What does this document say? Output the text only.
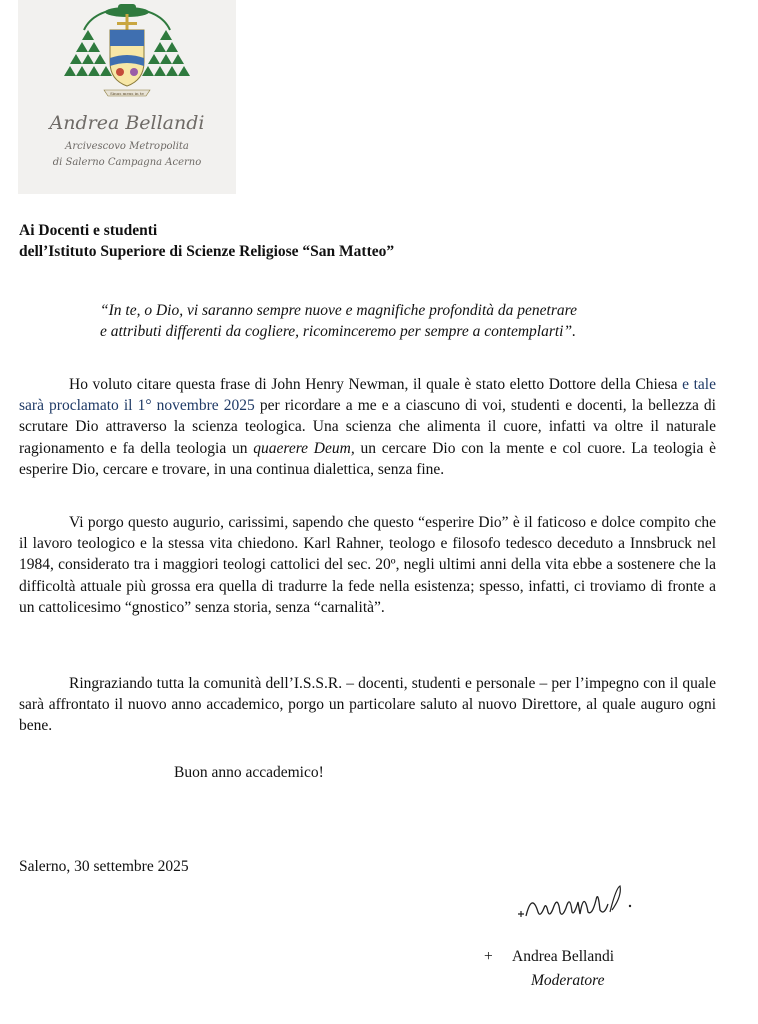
Sinus meus in te
Andrea Bellandi
Arcivescovo Metropolita
di Salerno Campagna Acerno
Ai Docenti e studenti
dell’Istituto Superiore di Scienze Religiose “San Matteo”
“In te, o Dio, vi saranno sempre nuove e magnifiche profondità da penetrare
e attributi differenti da cogliere, ricominceremo per sempre a contemplarti”.
Ho voluto citare questa frase di John Henry Newman, il quale è stato eletto Dottore della Chiesa e tale sarà proclamato il 1° novembre 2025 per ricordare a me e a ciascuno di voi, studenti e docenti, la bellezza di scrutare Dio attraverso la scienza teologica. Una scienza che alimenta il cuore, infatti va oltre il naturale ragionamento e fa della teologia un quaerere Deum, un cercare Dio con la mente e col cuore. La teologia è esperire Dio, cercare e trovare, in una continua dialettica, senza fine.
Vi porgo questo augurio, carissimi, sapendo che questo “esperire Dio” è il faticoso e dolce compito che il lavoro teologico e la stessa vita chiedono. Karl Rahner, teologo e filosofo tedesco deceduto a Innsbruck nel 1984, considerato tra i maggiori teologi cattolici del sec. 20º, negli ultimi anni della vita ebbe a sostenere che la difficoltà attuale più grossa era quella di tradurre la fede nella esistenza; spesso, infatti, ci troviamo di fronte a un cattolicesimo “gnostico” senza storia, senza “carnalità”.
Ringraziando tutta la comunità dell’I.S.S.R. – docenti, studenti e personale – per l’impegno con il quale sarà affrontato il nuovo anno accademico, porgo un particolare saluto al nuovo Direttore, al quale auguro ogni bene.
Buon anno accademico!
Salerno, 30 settembre 2025
+ Andrea Bellandi
Moderatore
